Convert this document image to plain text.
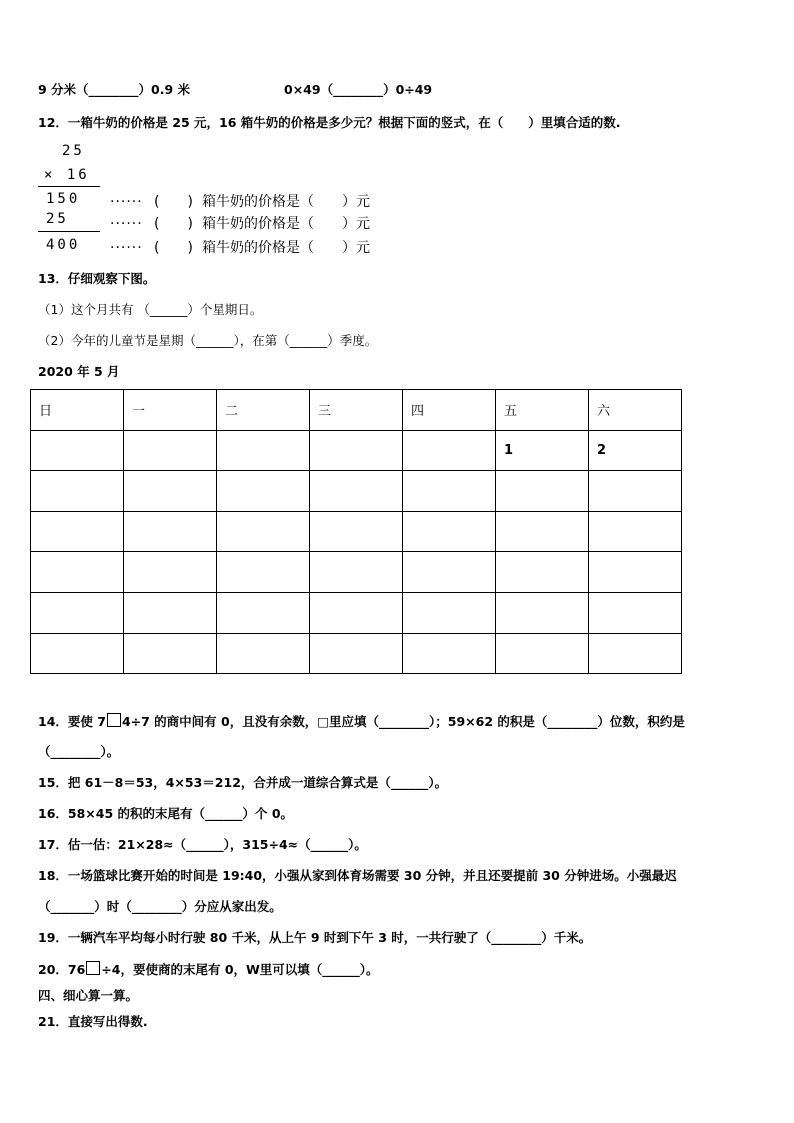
9 分米（________）0.9 米	0×49（________）0÷49
12．一箱牛奶的价格是 25 元，16 箱牛奶的价格是多少元？根据下面的竖式，在（　　）里填合适的数.
25
× 16
150 ······ (　　) 箱牛奶的价格是（　　）元
25	······ (　　) 箱牛奶的价格是（　　）元
400 ······ (　　) 箱牛奶的价格是（　　）元
13．仔细观察下图。
（1）这个月共有 （______）个星期日。
（2）今年的儿童节是星期（______），在第（______）季度。
2020 年 5 月
日	一	二	三	四	五	六
					1	2

14．要使 7 4÷7 的商中间有 0，且没有余数，□里应填（________）；59×62 的积是（________）位数，积约是
（________）。
15．把 61－8＝53，4×53＝212，合并成一道综合算式是（______）。
16．58×45 的积的末尾有（______）个 0。
17．估一估：21×28≈（______），315÷4≈（______）。
18．一场篮球比赛开始的时间是 19:40，小强从家到体育场需要 30 分钟，并且还要提前 30 分钟进场。小强最迟
（_______）时（________）分应从家出发。
19．一辆汽车平均每小时行驶 80 千米，从上午 9 时到下午 3 时，一共行驶了（________）千米。
20．76 ÷4，要使商的末尾有 0，W里可以填（______）。
四、细心算一算。
21．直接写出得数.
